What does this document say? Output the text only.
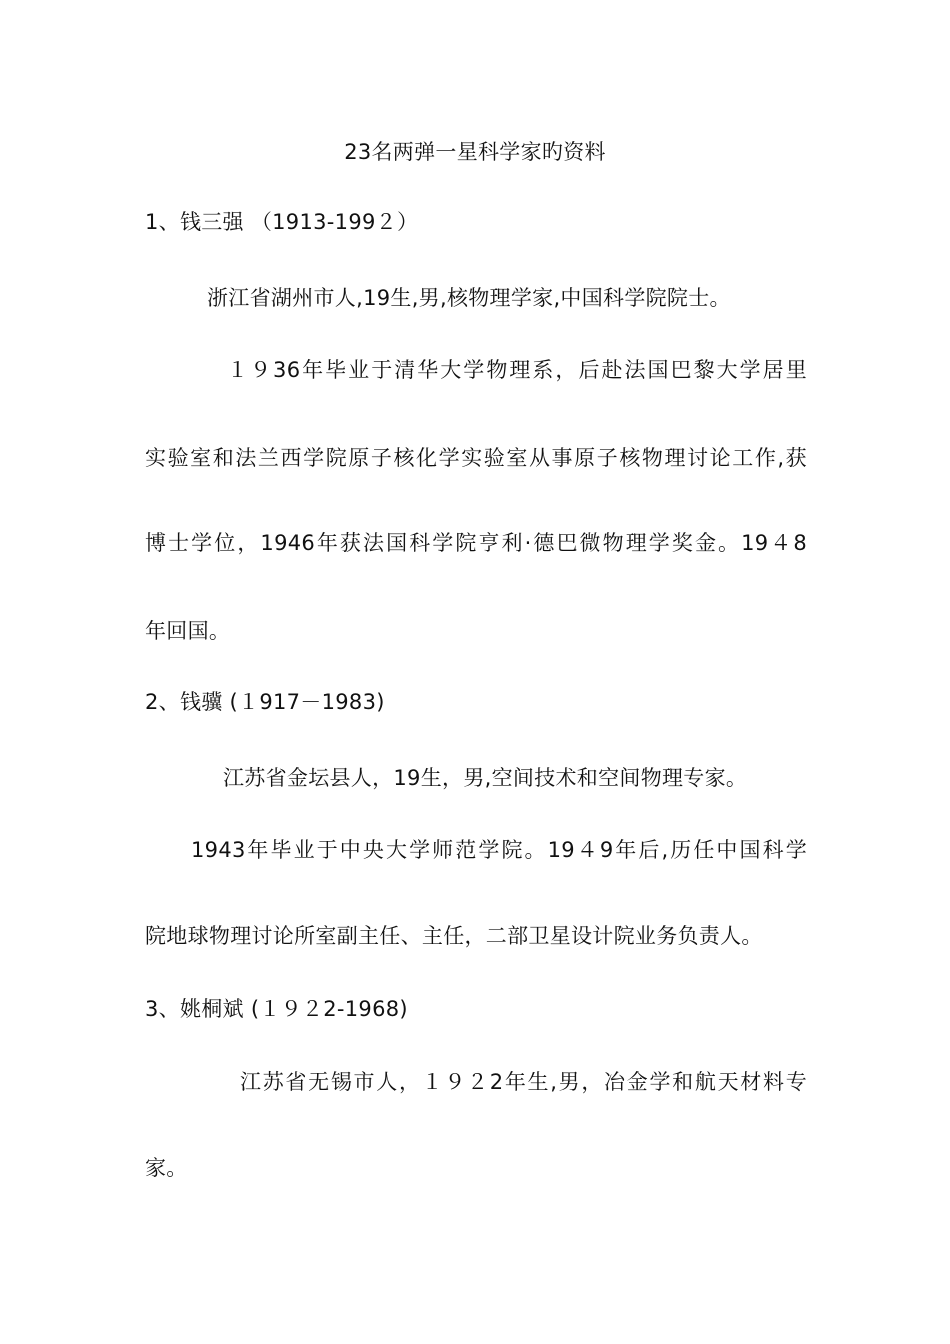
23名两弹一星科学家旳资料
1、钱三强 （1913-199２）
浙江省湖州市人,19生,男,核物理学家,中国科学院院士。
１９36年毕业于清华大学物理系，后赴法国巴黎大学居里
实验室和法兰西学院原子核化学实验室从事原子核物理讨论工作,获
博士学位，1946年获法国科学院亨利·德巴微物理学奖金。19４8
年回国。
2、钱骥 (１917－1983)
江苏省金坛县人，19生，男,空间技术和空间物理专家。
1943年毕业于中央大学师范学院。19４9年后,历任中国科学
院地球物理讨论所室副主任、主任，二部卫星设计院业务负责人。
3、姚桐斌 (１９２2-1968)
江苏省无锡市人，１９２2年生,男，冶金学和航天材料专
家。
